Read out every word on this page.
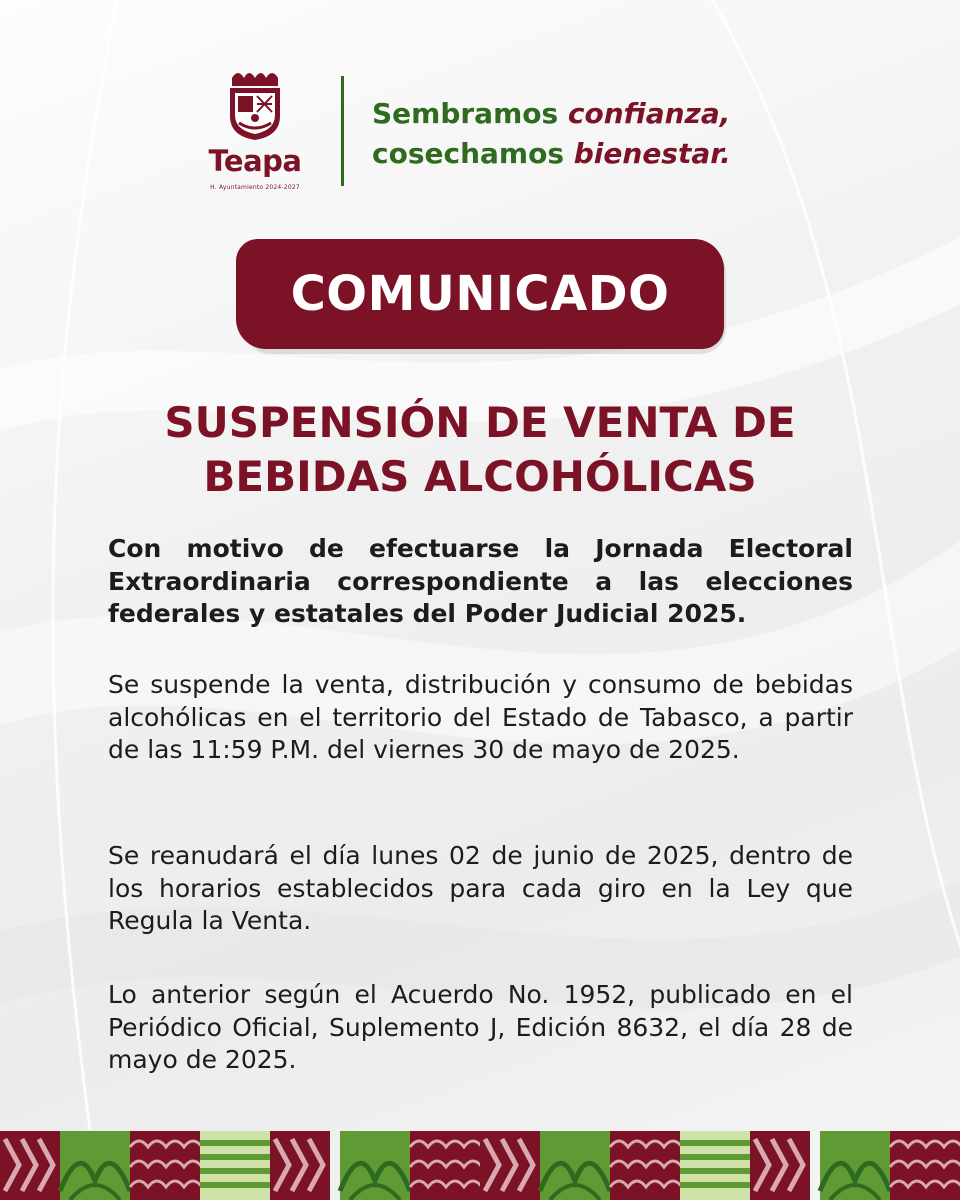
Teapa
H. Ayuntamiento 2024-2027
Sembramos confianza,
cosechamos bienestar.
COMUNICADO
SUSPENSIÓN DE VENTA DE
BEBIDAS ALCOHÓLICAS
Con motivo de efectuarse la Jornada Electoral Extraordinaria correspondiente a las elecciones federales y estatales del Poder Judicial 2025.
Se suspende la venta, distribución y consumo de bebidas alcohólicas en el territorio del Estado de Tabasco, a partir de las 11:59 P.M. del viernes 30 de mayo de 2025.
Se reanudará el día lunes 02 de junio de 2025, dentro de los horarios establecidos para cada giro en la Ley que Regula la Venta.
Lo anterior según el Acuerdo No. 1952, publicado en el Periódico Oficial, Suplemento J, Edición 8632, el día 28 de mayo de 2025.
